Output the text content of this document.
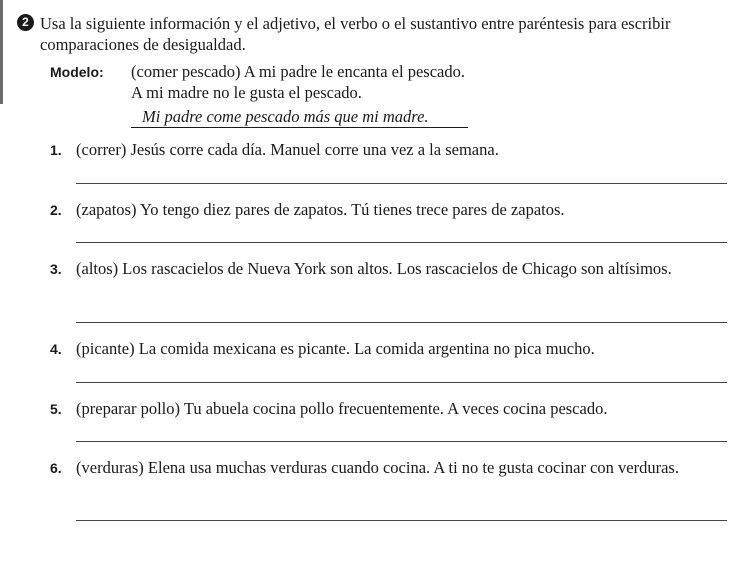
2 Usa la siguiente información y el adjetivo, el verbo o el sustantivo entre paréntesis para escribir comparaciones de desigualdad.
Modelo: (comer pescado) A mi padre le encanta el pescado.
A mi madre no le gusta el pescado.
Mi padre come pescado más que mi madre.
1. (correr) Jesús corre cada día. Manuel corre una vez a la semana.
2. (zapatos) Yo tengo diez pares de zapatos. Tú tienes trece pares de zapatos.
3. (altos) Los rascacielos de Nueva York son altos. Los rascacielos de Chicago son altísimos.
4. (picante) La comida mexicana es picante. La comida argentina no pica mucho.
5. (preparar pollo) Tu abuela cocina pollo frecuentemente. A veces cocina pescado.
6. (verduras) Elena usa muchas verduras cuando cocina. A ti no te gusta cocinar con verduras.
